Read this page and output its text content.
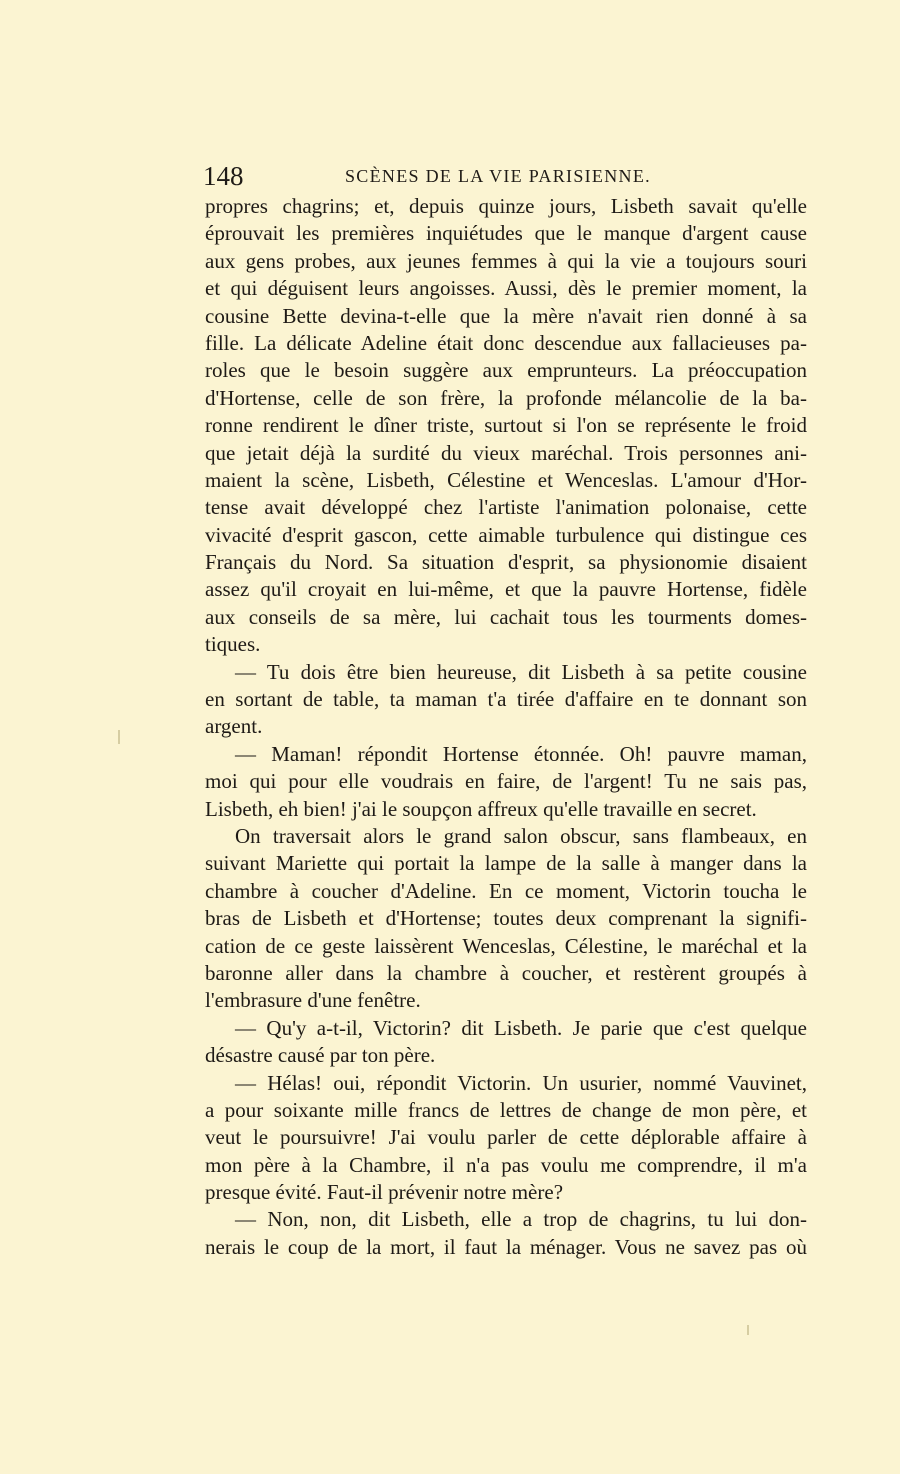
148	SCÈNES DE LA VIE PARISIENNE.
propres chagrins; et, depuis quinze jours, Lisbeth savait qu'elle
éprouvait les premières inquiétudes que le manque d'argent cause
aux gens probes, aux jeunes femmes à qui la vie a toujours souri
et qui déguisent leurs angoisses. Aussi, dès le premier moment, la
cousine Bette devina-t-elle que la mère n'avait rien donné à sa
fille. La délicate Adeline était donc descendue aux fallacieuses pa-
roles que le besoin suggère aux emprunteurs. La préoccupation
d'Hortense, celle de son frère, la profonde mélancolie de la ba-
ronne rendirent le dîner triste, surtout si l'on se représente le froid
que jetait déjà la surdité du vieux maréchal. Trois personnes ani-
maient la scène, Lisbeth, Célestine et Wenceslas. L'amour d'Hor-
tense avait développé chez l'artiste l'animation polonaise, cette
vivacité d'esprit gascon, cette aimable turbulence qui distingue ces
Français du Nord. Sa situation d'esprit, sa physionomie disaient
assez qu'il croyait en lui-même, et que la pauvre Hortense, fidèle
aux conseils de sa mère, lui cachait tous les tourments domes-
tiques.
— Tu dois être bien heureuse, dit Lisbeth à sa petite cousine
en sortant de table, ta maman t'a tirée d'affaire en te donnant son
argent.
— Maman! répondit Hortense étonnée. Oh! pauvre maman,
moi qui pour elle voudrais en faire, de l'argent! Tu ne sais pas,
Lisbeth, eh bien! j'ai le soupçon affreux qu'elle travaille en secret.
On traversait alors le grand salon obscur, sans flambeaux, en
suivant Mariette qui portait la lampe de la salle à manger dans la
chambre à coucher d'Adeline. En ce moment, Victorin toucha le
bras de Lisbeth et d'Hortense; toutes deux comprenant la signifi-
cation de ce geste laissèrent Wenceslas, Célestine, le maréchal et la
baronne aller dans la chambre à coucher, et restèrent groupés à
l'embrasure d'une fenêtre.
— Qu'y a-t-il, Victorin? dit Lisbeth. Je parie que c'est quelque
désastre causé par ton père.
— Hélas! oui, répondit Victorin. Un usurier, nommé Vauvinet,
a pour soixante mille francs de lettres de change de mon père, et
veut le poursuivre! J'ai voulu parler de cette déplorable affaire à
mon père à la Chambre, il n'a pas voulu me comprendre, il m'a
presque évité. Faut-il prévenir notre mère?
— Non, non, dit Lisbeth, elle a trop de chagrins, tu lui don-
nerais le coup de la mort, il faut la ménager. Vous ne savez pas où
